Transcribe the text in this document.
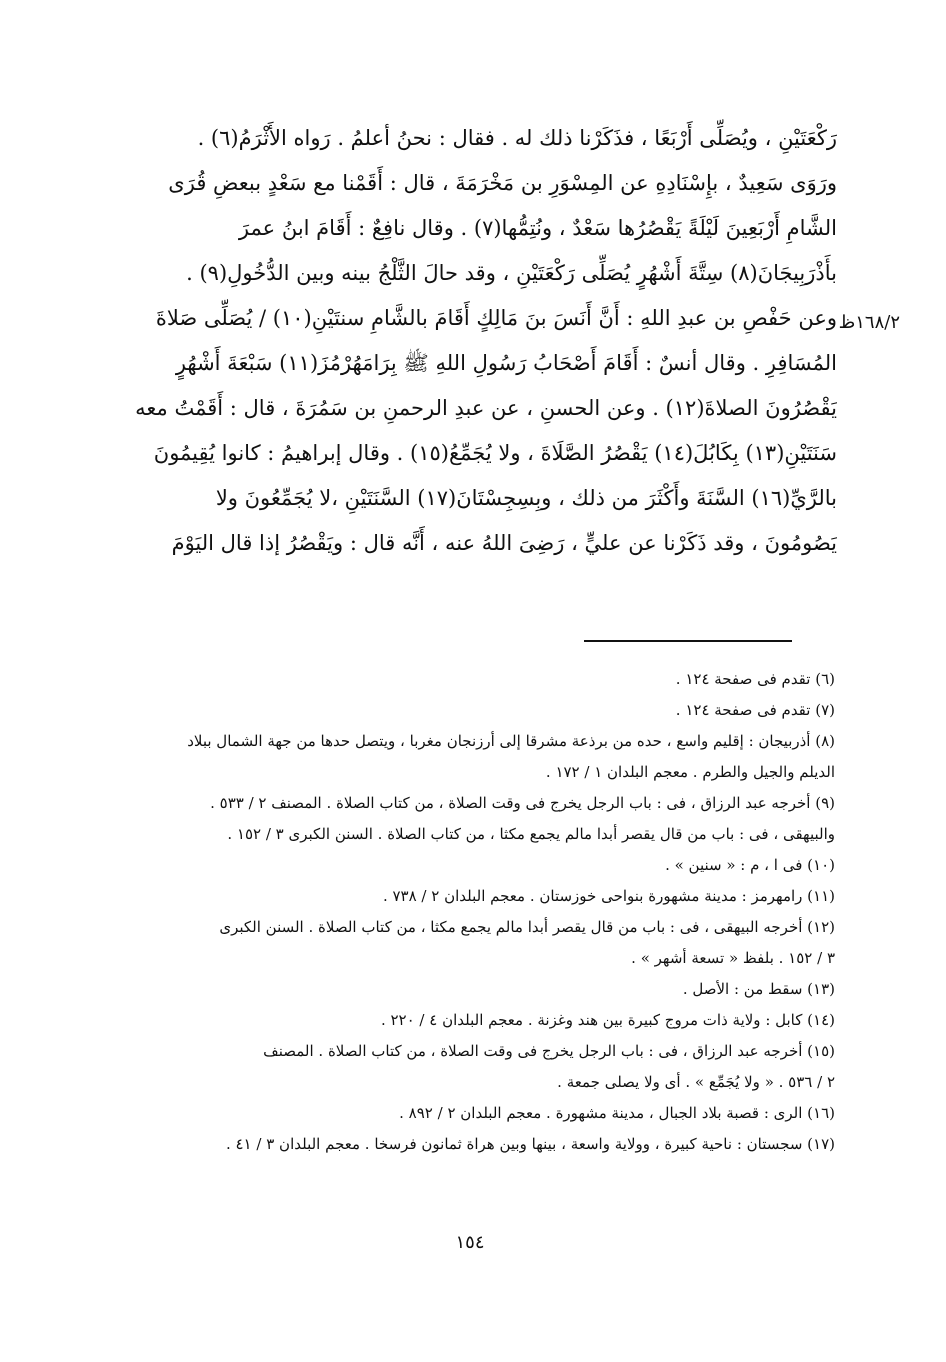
رَكْعَتَيْنِ ، ويُصَلِّى أَرْبَعًا ، فذَكَرْنا ذلك له . فقال : نحنُ أعلمُ . رَواه الأَثْرَمُ(٦) .
ورَوَى سَعِيدٌ ، بإِسْنَادِهِ عن المِسْوَرِ بن مَخْرَمَةَ ، قال : أَقَمْنا مع سَعْدٍ ببعضِ قُرَى
الشَّامِ أَرْبَعِينَ لَيْلَةً يَقْصُرُها سَعْدٌ ، ونُتِمُّها(٧) . وقال نافِعٌ : أَقَامَ ابنُ عمرَ
بأَذْرَبِيجَانَ(٨) سِتَّةَ أَشْهُرٍ يُصَلِّى رَكْعَتَيْنِ ، وقد حالَ الثَّلْجُ بينه وبين الدُّخُولِ(٩) .
وعن حَفْصِ بن عبدِ اللهِ : أَنَّ أَنَسَ بنَ مَالِكٍ أَقَامَ بالشَّامِ سنتَيْنِ(١٠) / يُصَلِّى صَلاةَ
المُسَافِرِ . وقال أنسٌ : أَقَامَ أَصْحَابُ رَسُولِ اللهِ ﷺ بِرَامَهُرْمُزَ(١١) سَبْعَةَ أَشْهُرٍ
يَقْصُرُونَ الصلاةَ(١٢) . وعن الحسنِ ، عن عبدِ الرحمنِ بن سَمُرَةَ ، قال : أَقَمْتُ معه
سَنَتَيْنِ(١٣) بِكَابُلَ(١٤) يَقْصُرُ الصَّلَاةَ ، ولا يُجَمِّعُ(١٥) . وقال إبراهيمُ : كانوا يُقِيمُونَ
بالرَّيِّ(١٦) السَّنَةَ وأَكْثَرَ من ذلك ، وبِسِجِسْتَانَ(١٧) السَّنَتَيْنِ ،لا يُجَمِّعُونَ ولا
يَصُومُونَ ، وقد ذَكَرْنا عن عليٍّ ، رَضِىَ اللهُ عنه ، أَنَّه قال : ويَقْصُرُ إذا قال اليَوْمَ
١٦٨/٢ظ
(٦) تقدم فى صفحة ١٢٤ .
(٧) تقدم فى صفحة ١٢٤ .
(٨) أذربيجان : إقليم واسع ، حده من برذعة مشرقا إلى أرزنجان مغربا ، ويتصل حدها من جهة الشمال ببلاد
الديلم والجيل والطرم . معجم البلدان ١ / ١٧٢ .
(٩) أخرجه عبد الرزاق ، فى : باب الرجل يخرج فى وقت الصلاة ، من كتاب الصلاة . المصنف ٢ / ٥٣٣ .
والبيهقى ، فى : باب من قال يقصر أبدا مالم يجمع مكثا ، من كتاب الصلاة . السنن الكبرى ٣ / ١٥٢ .
(١٠) فى ا ، م : « سنين » .
(١١) رامهرمز : مدينة مشهورة بنواحى خوزستان . معجم البلدان ٢ / ٧٣٨ .
(١٢) أخرجه البيهقى ، فى : باب من قال يقصر أبدا مالم يجمع مكثا ، من كتاب الصلاة . السنن الكبرى
٣ / ١٥٢ . بلفظ « تسعة أشهر » .
(١٣) سقط من : الأصل .
(١٤) كابل : ولاية ذات مروج كبيرة بين هند وغزنة . معجم البلدان ٤ / ٢٢٠ .
(١٥) أخرجه عبد الرزاق ، فى : باب الرجل يخرج فى وقت الصلاة ، من كتاب الصلاة . المصنف
٢ / ٥٣٦ . « ولا يُجَمِّع » . أى ولا يصلى جمعة .
(١٦) الرى : قصبة بلاد الجبال ، مدينة مشهورة . معجم البلدان ٢ / ٨٩٢ .
(١٧) سجستان : ناحية كبيرة ، وولاية واسعة ، بينها وبين هراة ثمانون فرسخا . معجم البلدان ٣ / ٤١ .
١٥٤
